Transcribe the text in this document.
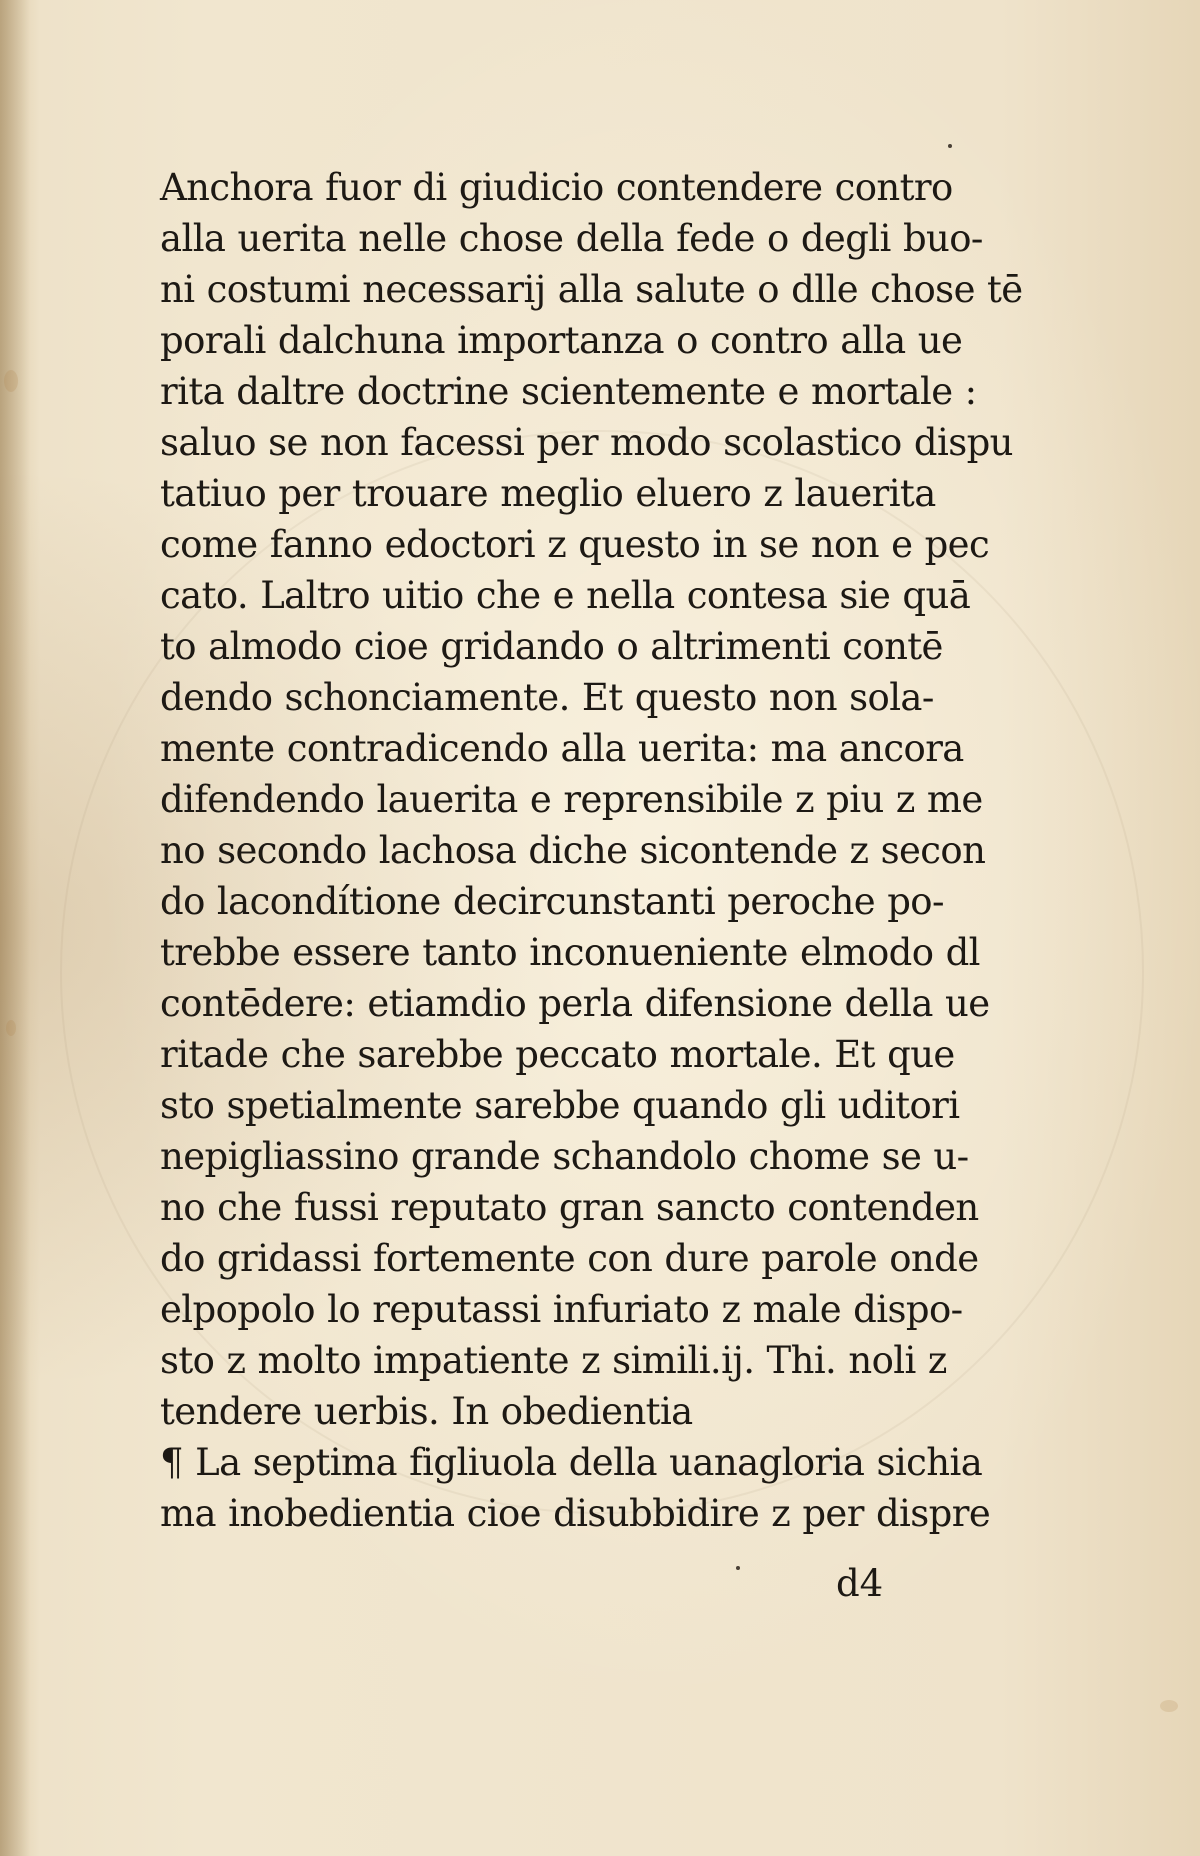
Anchora fuor di giudicio contendere contro
alla uerita nelle chose della fede o degli buo-
ni costumi necessarij alla salute o dlle chose tē
porali dalchuna importanza o contro alla ue
rita daltre doctrine scientemente e mortale :
saluo se non facessi per modo scolastico dispu
tatiuo per trouare meglio eluero z lauerita
come fanno edoctori z questo in se non e pec
cato. Laltro uitio che e nella contesa sie quā
to almodo cioe gridando o altrimenti contē
dendo schonciamente. Et questo non sola-
mente contradicendo alla uerita: ma ancora
difendendo lauerita e reprensibile z piu z me
no secondo lachosa diche sicontende z secon
do lacondítione decircunstanti peroche po-
trebbe essere tanto inconueniente elmodo dl
contēdere: etiamdio perla difensione della ue
ritade che sarebbe peccato mortale. Et que
sto spetialmente sarebbe quando gli uditori
nepigliassino grande schandolo chome se u-
no che fussi reputato gran sancto contenden
do gridassi fortemente con dure parole onde
elpopolo lo reputassi infuriato z male dispo-
sto z molto impatiente z simili.ij. Thi. noli z
tendere uerbis. In obedientia
¶ La septima figliuola della uanagloria sichia
ma inobedientia cioe disubbidire z per dispre
d4
